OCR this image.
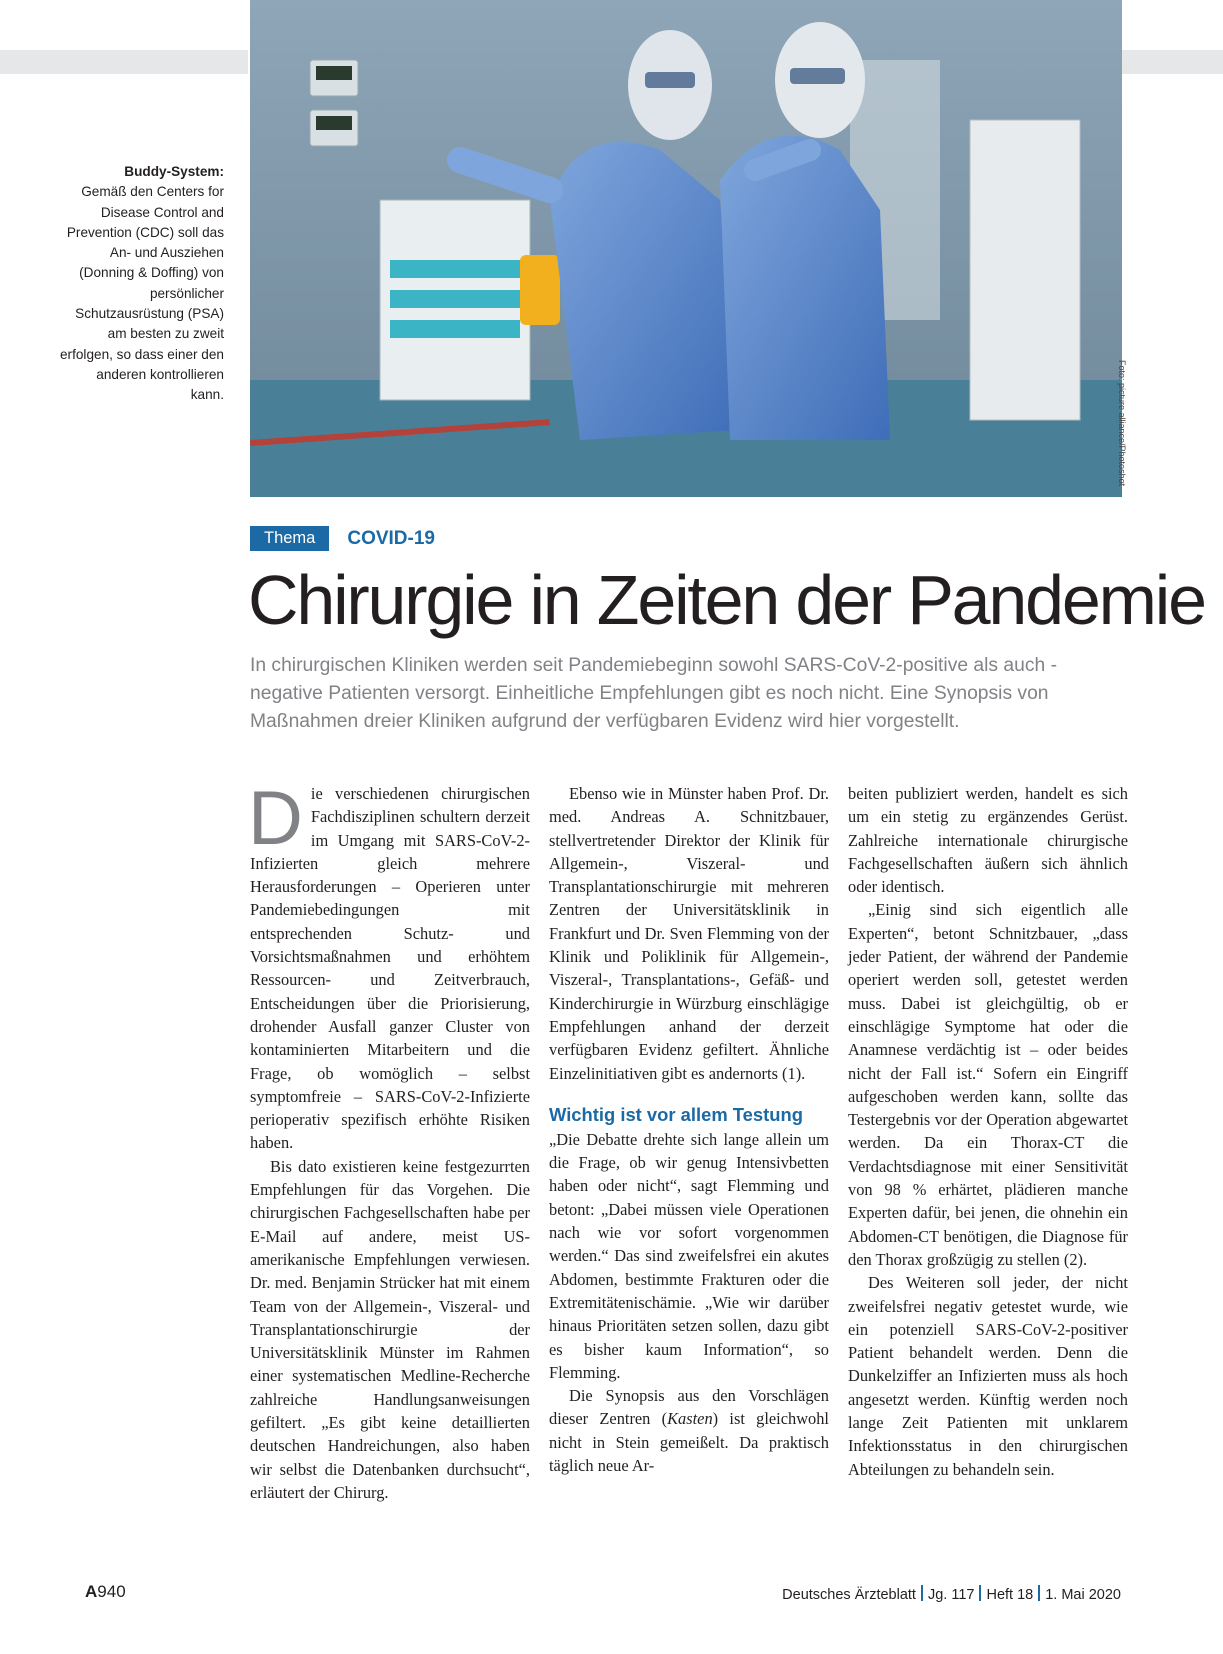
Buddy-System:
Gemäß den Centers for Disease Control and Prevention (CDC) soll das An- und Ausziehen (Donning & Doffing) von persönlicher Schutzausrüstung (PSA) am besten zu zweit erfolgen, so dass einer den anderen kontrollieren kann.	Foto: picture alliance/Photoshot
Thema	COVID-19
Chirurgie in Zeiten der Pandemie

In chirurgischen Kliniken werden seit Pandemiebeginn sowohl SARS-CoV-2-positive als auch -negative Patienten versorgt. Einheitliche Empfehlungen gibt es noch nicht. Eine Synopsis von Maßnahmen dreier Kliniken aufgrund der verfügbaren Evidenz wird hier vorgestellt.

Die verschiedenen chirurgischen Fachdisziplinen schultern derzeit im Umgang mit SARS-CoV-2-Infizierten gleich mehrere Herausforderungen – Operieren unter Pandemiebedingungen mit entsprechenden Schutz- und Vorsichtsmaßnahmen und erhöhtem Ressourcen- und Zeitverbrauch, Entscheidungen über die Priorisierung, drohender Ausfall ganzer Cluster von kontaminierten Mitarbeitern und die Frage, ob womöglich – selbst symptomfreie – SARS-CoV-2-Infizierte perioperativ spezifisch erhöhte Risiken haben.

Bis dato existieren keine festgezurrten Empfehlungen für das Vorgehen. Die chirurgischen Fachgesellschaften habe per E-Mail auf andere, meist US-amerikanische Empfehlungen verwiesen. Dr. med. Benjamin Strücker hat mit einem Team von der Allgemein-, Viszeral- und Transplantationschirurgie der Universitätsklinik Münster im Rahmen einer systematischen Medline-Recherche zahlreiche Handlungsanweisungen gefiltert. „Es gibt keine detaillierten deutschen Handreichungen, also haben wir selbst die Datenbanken durchsucht“, erläutert der Chirurg.

Ebenso wie in Münster haben Prof. Dr. med. Andreas A. Schnitzbauer, stellvertretender Direktor der Klinik für Allgemein-, Viszeral- und Transplantationschirurgie mit mehreren Zentren der Universitätsklinik in Frankfurt und Dr. Sven Flemming von der Klinik und Poliklinik für Allgemein-, Viszeral-, Transplantations-, Gefäß- und Kinderchirurgie in Würzburg einschlägige Empfehlungen anhand der derzeit verfügbaren Evidenz gefiltert. Ähnliche Einzelinitiativen gibt es andernorts (1).

Wichtig ist vor allem Testung

„Die Debatte drehte sich lange allein um die Frage, ob wir genug Intensivbetten haben oder nicht“, sagt Flemming und betont: „Dabei müssen viele Operationen nach wie vor sofort vorgenommen werden.“ Das sind zweifelsfrei ein akutes Abdomen, bestimmte Frakturen oder die Extremitätenischämie. „Wie wir darüber hinaus Prioritäten setzen sollen, dazu gibt es bisher kaum Information“, so Flemming.

Die Synopsis aus den Vorschlägen dieser Zentren (Kasten) ist gleichwohl nicht in Stein gemeißelt. Da praktisch täglich neue Ar-

beiten publiziert werden, handelt es sich um ein stetig zu ergänzendes Gerüst. Zahlreiche internationale chirurgische Fachgesellschaften äußern sich ähnlich oder identisch.

„Einig sind sich eigentlich alle Experten“, betont Schnitzbauer, „dass jeder Patient, der während der Pandemie operiert werden soll, getestet werden muss. Dabei ist gleichgültig, ob er einschlägige Symptome hat oder die Anamnese verdächtig ist – oder beides nicht der Fall ist.“ Sofern ein Eingriff aufgeschoben werden kann, sollte das Testergebnis vor der Operation abgewartet werden. Da ein Thorax-CT die Verdachtsdiagnose mit einer Sensitivität von 98 % erhärtet, plädieren manche Experten dafür, bei jenen, die ohnehin ein Abdomen-CT benötigen, die Diagnose für den Thorax großzügig zu stellen (2).

Des Weiteren soll jeder, der nicht zweifelsfrei negativ getestet wurde, wie ein potenziell SARS-CoV-2-positiver Patient behandelt werden. Denn die Dunkelziffer an Infizierten muss als hoch angesetzt werden. Künftig werden noch lange Zeit Patienten mit unklarem Infektionsstatus in den chirurgischen Abteilungen zu behandeln sein.

A940	Deutsches Ärzteblatt Jg. 117 Heft 18 1. Mai 2020
